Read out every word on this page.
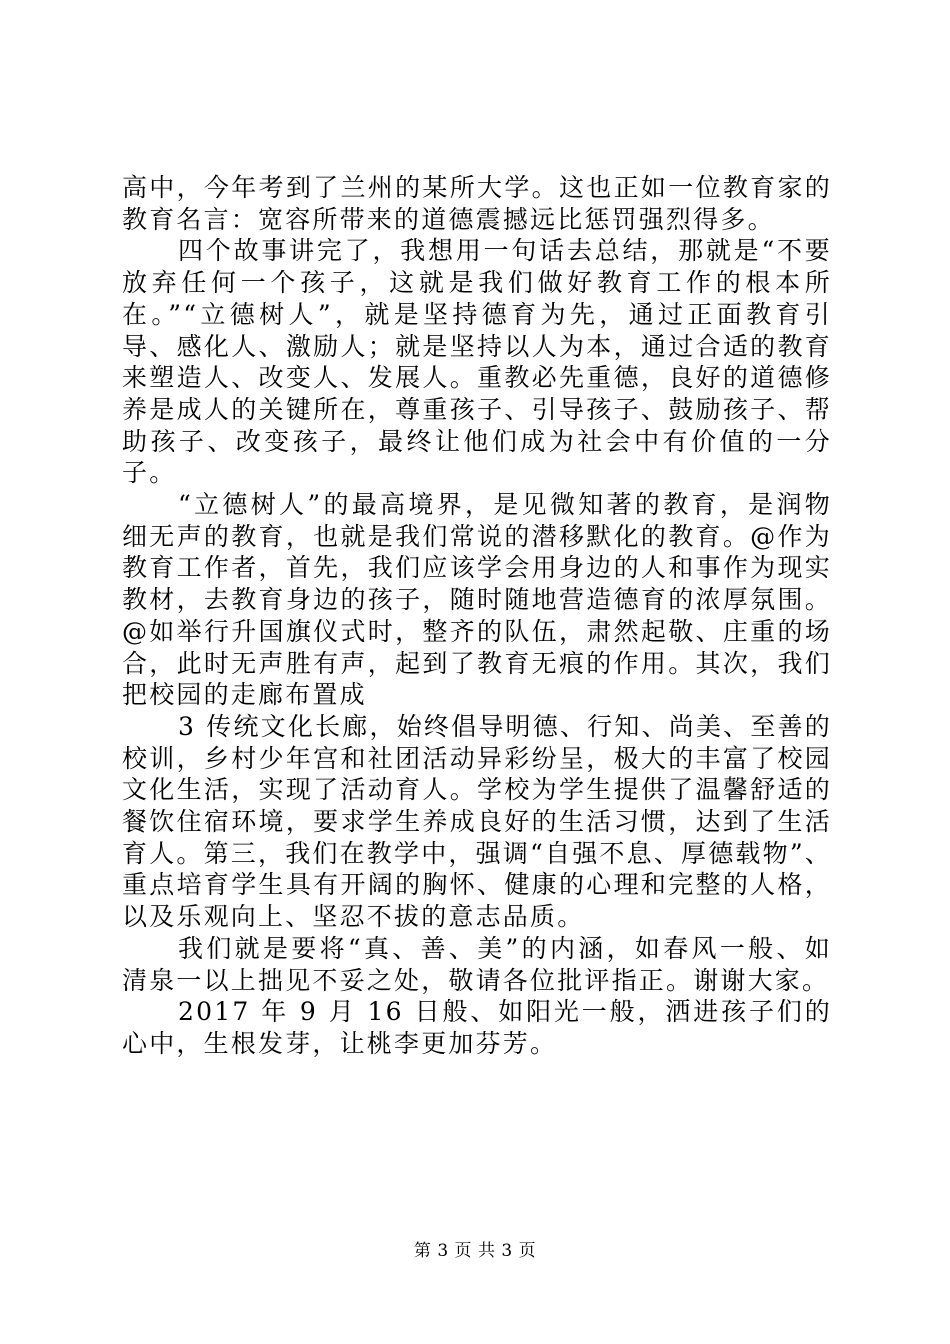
高中，今年考到了兰州的某所大学。这也正如一位教育家的教育名言：宽容所带来的道德震撼远比惩罚强烈得多。

四个故事讲完了，我想用一句话去总结，那就是“不要放弃任何一个孩子，这就是我们做好教育工作的根本所在。”“立德树人”，就是坚持德育为先，通过正面教育引导、感化人、激励人；就是坚持以人为本，通过合适的教育来塑造人、改变人、发展人。重教必先重德，良好的道德修养是成人的关键所在，尊重孩子、引导孩子、鼓励孩子、帮助孩子、改变孩子，最终让他们成为社会中有价值的一分子。

“立德树人”的最高境界，是见微知著的教育，是润物细无声的教育，也就是我们常说的潜移默化的教育。@作为教育工作者，首先，我们应该学会用身边的人和事作为现实教材，去教育身边的孩子，随时随地营造德育的浓厚氛围。@如举行升国旗仪式时，整齐的队伍，肃然起敬、庄重的场合，此时无声胜有声，起到了教育无痕的作用。其次，我们把校园的走廊布置成

3 传统文化长廊，始终倡导明德、行知、尚美、至善的校训，乡村少年宫和社团活动异彩纷呈，极大的丰富了校园文化生活，实现了活动育人。学校为学生提供了温馨舒适的餐饮住宿环境，要求学生养成良好的生活习惯，达到了生活育人。第三，我们在教学中，强调“自强不息、厚德载物”、重点培育学生具有开阔的胸怀、健康的心理和完整的人格，以及乐观向上、坚忍不拔的意志品质。

我们就是要将“真、善、美”的内涵，如春风一般、如清泉一以上拙见不妥之处，敬请各位批评指正。谢谢大家。

2017 年 9 月 16 日般、如阳光一般，洒进孩子们的心中，生根发芽，让桃李更加芬芳。

第 3 页 共 3 页
